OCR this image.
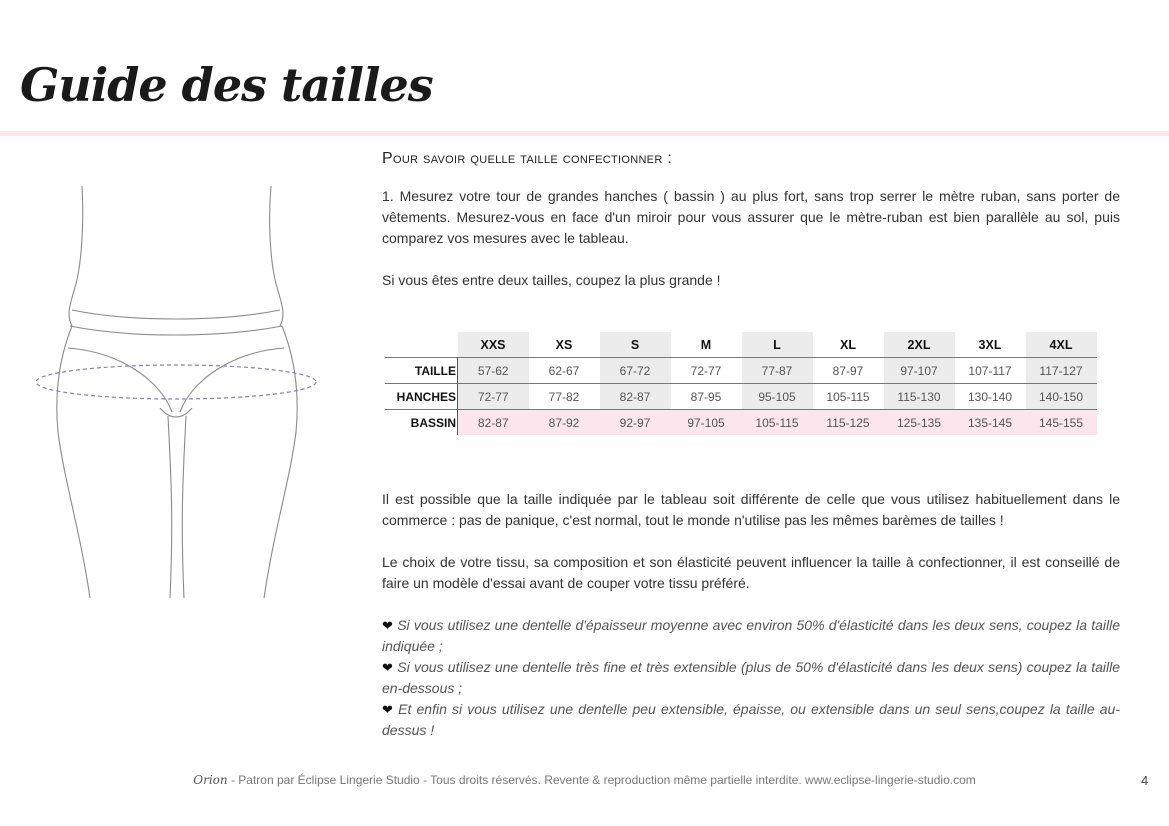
Guide des tailles

Pour savoir quelle taille confectionner :

1. Mesurez votre tour de grandes hanches ( bassin ) au plus fort, sans trop serrer le mètre ruban, sans porter de vêtements. Mesurez-vous en face d'un miroir pour vous assurer que le mètre-ruban est bien parallèle au sol, puis comparez vos mesures avec le tableau.

Si vous êtes entre deux tailles, coupez la plus grande !

	XXS	XS	S	M	L	XL	2XL	3XL	4XL
TAILLE	57-62	62-67	67-72	72-77	77-87	87-97	97-107	107-117	117-127
HANCHES	72-77	77-82	82-87	87-95	95-105	105-115	115-130	130-140	140-150
BASSIN	82-87	87-92	92-97	97-105	105-115	115-125	125-135	135-145	145-155

Il est possible que la taille indiquée par le tableau soit différente de celle que vous utilisez habituellement dans le commerce : pas de panique, c'est normal, tout le monde n'utilise pas les mêmes barèmes de tailles !

Le choix de votre tissu, sa composition et son élasticité peuvent influencer la taille à confectionner, il est conseillé de faire un modèle d'essai avant de couper votre tissu préféré.

❤ Si vous utilisez une dentelle d'épaisseur moyenne avec environ 50% d'élasticité dans les deux sens, coupez la taille indiquée ;
❤ Si vous utilisez une dentelle très fine et très extensible (plus de 50% d'élasticité dans les deux sens) coupez la taille en-dessous ;
❤ Et enfin si vous utilisez une dentelle peu extensible, épaisse, ou extensible dans un seul sens,coupez la taille au-dessus !
Orion - Patron par Éclipse Lingerie Studio - Tous droits réservés. Revente & reproduction même partielle interdite. www.eclipse-lingerie-studio.com	4
